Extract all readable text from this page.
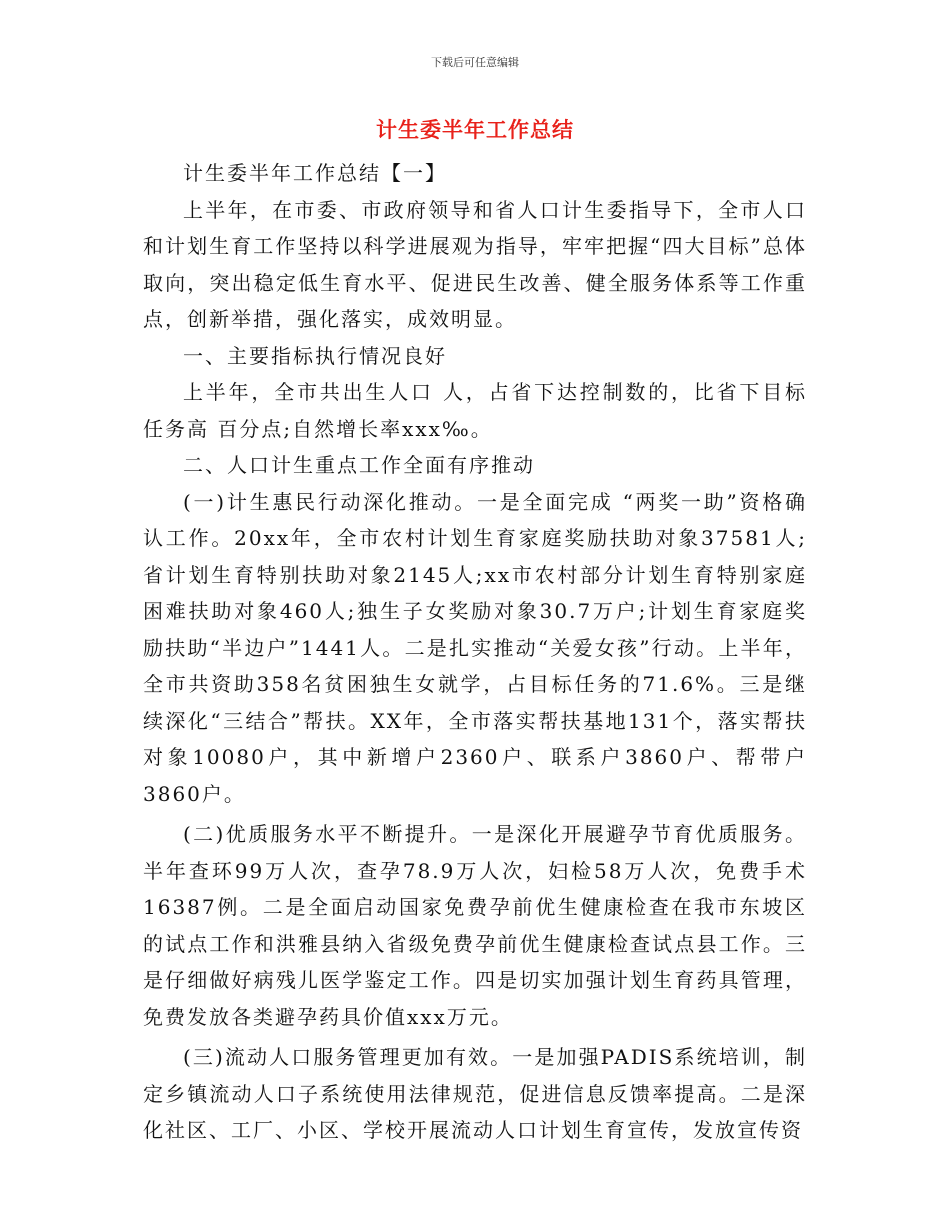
下载后可任意编辑
计生委半年工作总结

计生委半年工作总结【一】

上半年，在市委、市政府领导和省人口计生委指导下，全市人口和计划生育工作坚持以科学进展观为指导，牢牢把握“四大目标”总体取向，突出稳定低生育水平、促进民生改善、健全服务体系等工作重点，创新举措，强化落实，成效明显。

一、主要指标执行情况良好

上半年，全市共出生人口 人，占省下达控制数的，比省下目标任务高 百分点;自然增长率xxx‰。

二、人口计生重点工作全面有序推动

(一)计生惠民行动深化推动。一是全面完成 “两奖一助”资格确认工作。20xx年，全市农村计划生育家庭奖励扶助对象37581人;省计划生育特别扶助对象2145人;xx市农村部分计划生育特别家庭困难扶助对象460人;独生子女奖励对象30.7万户;计划生育家庭奖励扶助“半边户”1441人。二是扎实推动“关爱女孩”行动。上半年，全市共资助358名贫困独生女就学，占目标任务的71.6%。三是继续深化“三结合”帮扶。XX年，全市落实帮扶基地131个，落实帮扶对象10080户，其中新增户2360户、联系户3860户、帮带户3860户。

(二)优质服务水平不断提升。一是深化开展避孕节育优质服务。半年查环99万人次，查孕78.9万人次，妇检58万人次，免费手术16387例。二是全面启动国家免费孕前优生健康检查在我市东坡区的试点工作和洪雅县纳入省级免费孕前优生健康检查试点县工作。三是仔细做好病残儿医学鉴定工作。四是切实加强计划生育药具管理，免费发放各类避孕药具价值xxx万元。

(三)流动人口服务管理更加有效。一是加强PADIS系统培训，制定乡镇流动人口子系统使用法律规范，促进信息反馈率提高。二是深化社区、工厂、小区、学校开展流动人口计划生育宣传，发放宣传资
